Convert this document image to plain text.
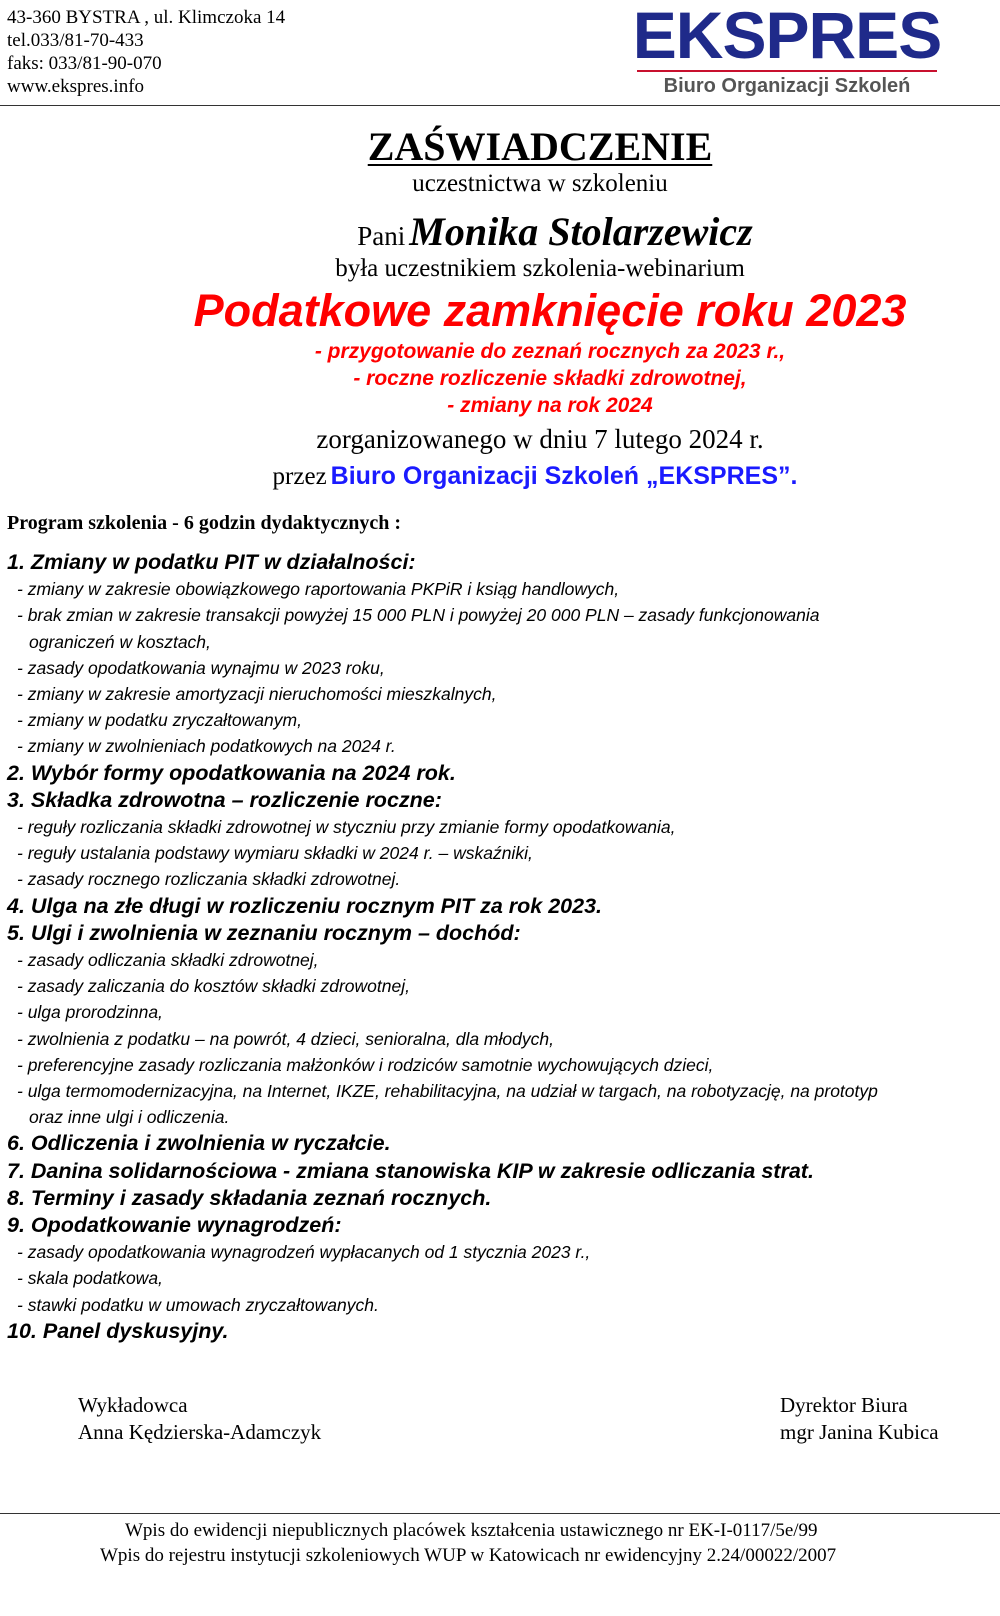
43-360 BYSTRA , ul. Klimczoka 14
tel.033/81-70-433
faks: 033/81-90-070
www.ekspres.info
EKSPRES
Biuro Organizacji Szkoleń
ZAŚWIADCZENIE
uczestnictwa w szkoleniu
Pani Monika Stolarzewicz
była uczestnikiem szkolenia-webinarium
Podatkowe zamknięcie roku 2023
- przygotowanie do zeznań rocznych za 2023 r.,
- roczne rozliczenie składki zdrowotnej,
- zmiany na rok 2024
zorganizowanego w dniu 7 lutego 2024 r.
przez Biuro Organizacji Szkoleń „EKSPRES”.
Program szkolenia - 6 godzin dydaktycznych :
1. Zmiany w podatku PIT w działalności:
- zmiany w zakresie obowiązkowego raportowania PKPiR i ksiąg handlowych,
- brak zmian w zakresie transakcji powyżej 15 000 PLN i powyżej 20 000 PLN – zasady funkcjonowania ograniczeń w kosztach,
- zasady opodatkowania wynajmu w 2023 roku,
- zmiany w zakresie amortyzacji nieruchomości mieszkalnych,
- zmiany w podatku zryczałtowanym,
- zmiany w zwolnieniach podatkowych na 2024 r.
2. Wybór formy opodatkowania na 2024 rok.
3. Składka zdrowotna – rozliczenie roczne:
- reguły rozliczania składki zdrowotnej w styczniu przy zmianie formy opodatkowania,
- reguły ustalania podstawy wymiaru składki w 2024 r. – wskaźniki,
- zasady rocznego rozliczania składki zdrowotnej.
4. Ulga na złe długi w rozliczeniu rocznym PIT za rok 2023.
5. Ulgi i zwolnienia w zeznaniu rocznym – dochód:
- zasady odliczania składki zdrowotnej,
- zasady zaliczania do kosztów składki zdrowotnej,
- ulga prorodzinna,
- zwolnienia z podatku – na powrót, 4 dzieci, senioralna, dla młodych,
- preferencyjne zasady rozliczania małżonków i rodziców samotnie wychowujących dzieci,
- ulga termomodernizacyjna, na Internet, IKZE, rehabilitacyjna, na udział w targach, na robotyzację, na prototyp oraz inne ulgi i odliczenia.
6. Odliczenia i zwolnienia w ryczałcie.
7. Danina solidarnościowa - zmiana stanowiska KIP w zakresie odliczania strat.
8. Terminy i zasady składania zeznań rocznych.
9. Opodatkowanie wynagrodzeń:
- zasady opodatkowania wynagrodzeń wypłacanych od 1 stycznia 2023 r.,
- skala podatkowa,
- stawki podatku w umowach zryczałtowanych.
10. Panel dyskusyjny.
Wykładowca
Anna Kędzierska-Adamczyk
Dyrektor Biura
mgr Janina Kubica
Wpis do ewidencji niepublicznych placówek kształcenia ustawicznego nr EK-I-0117/5e/99
Wpis do rejestru instytucji szkoleniowych WUP w Katowicach nr ewidencyjny 2.24/00022/2007
